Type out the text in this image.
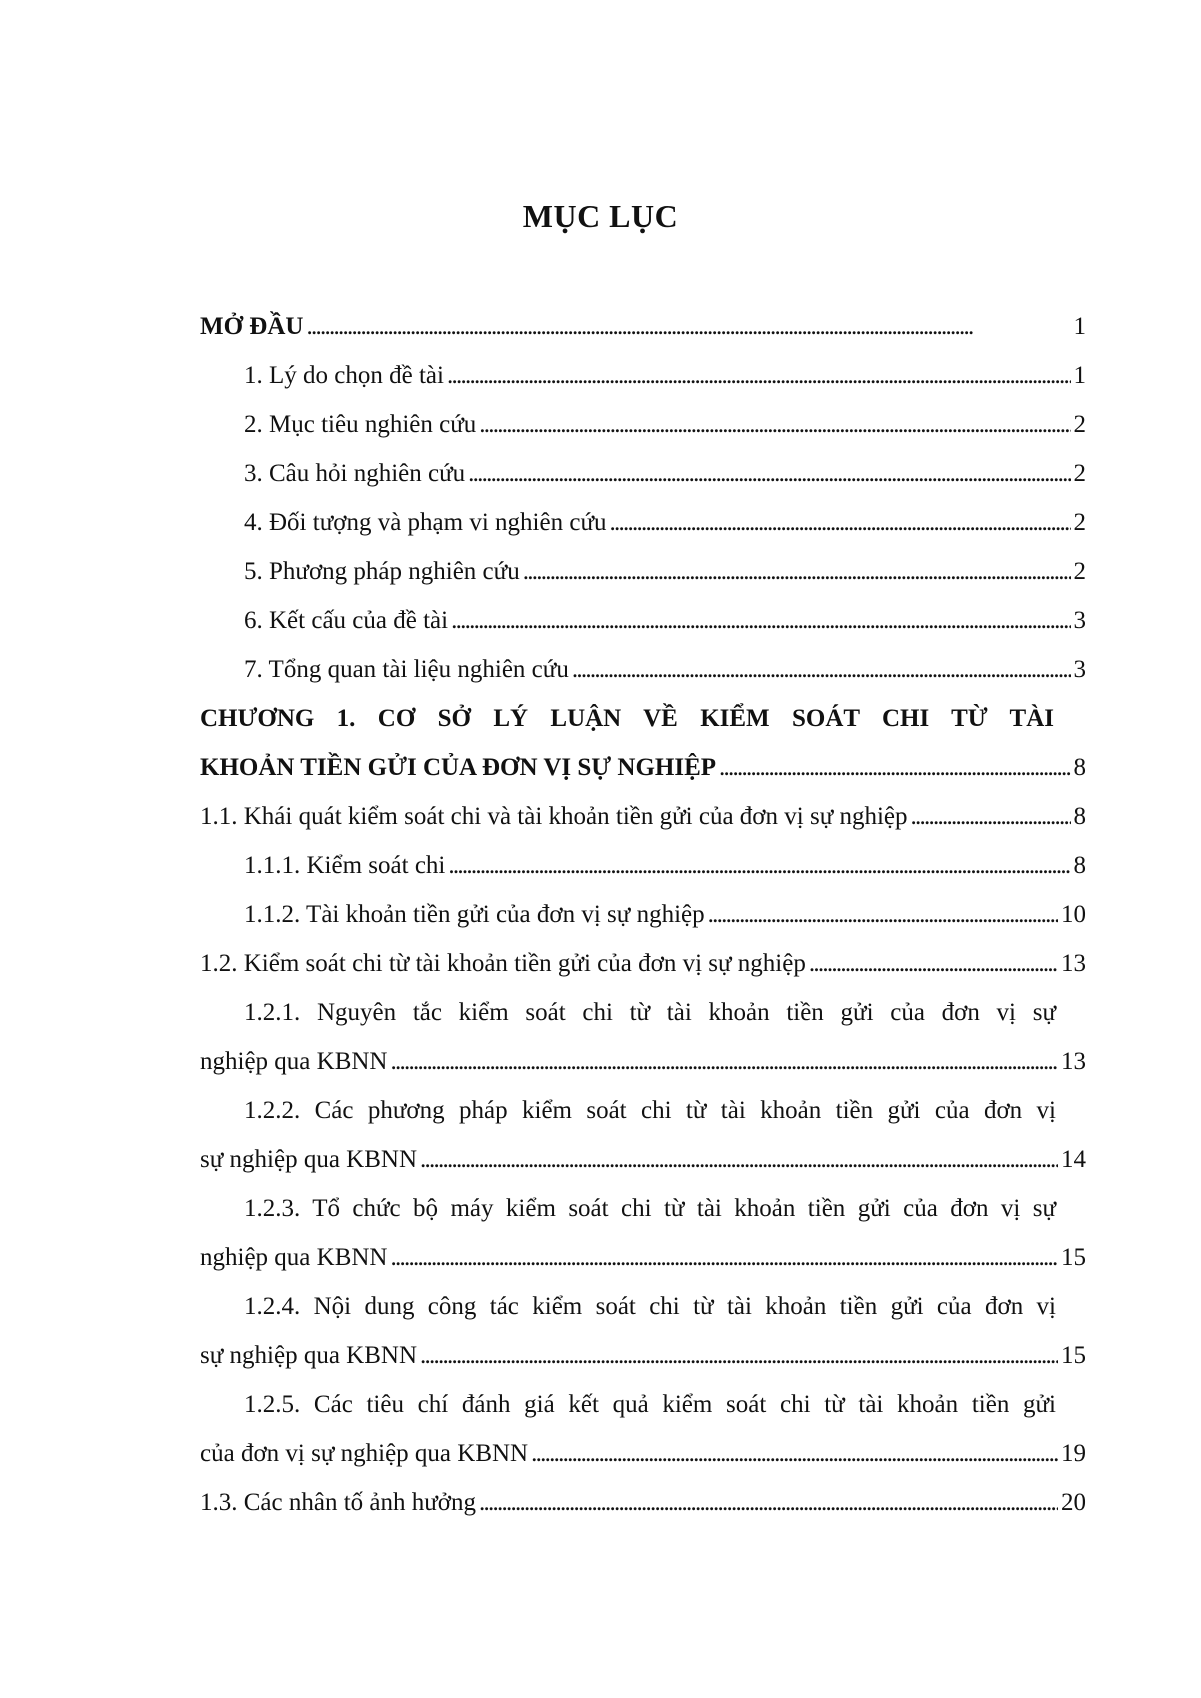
MỤC LỤC
MỞ ĐẦU . . .	1
1. Lý do chọn đề tài . . .	1
2. Mục tiêu nghiên cứu . . .	2
3. Câu hỏi nghiên cứu . . .	2
4. Đối tượng và phạm vi nghiên cứu . . .	2
5. Phương pháp nghiên cứu . . .	2
6. Kết cấu của đề tài . . .	3
7. Tổng quan tài liệu nghiên cứu . . .	3
CHƯƠNG 1. CƠ SỞ LÝ LUẬN VỀ KIỂM SOÁT CHI TỪ TÀI
KHOẢN TIỀN GỬI CỦA ĐƠN VỊ SỰ NGHIỆP . . .	8
1.1. Khái quát kiểm soát chi và tài khoản tiền gửi của đơn vị sự nghiệp . . .	8
1.1.1. Kiểm soát chi . . .	8
1.1.2. Tài khoản tiền gửi của đơn vị sự nghiệp . . .	10
1.2. Kiểm soát chi từ tài khoản tiền gửi của đơn vị sự nghiệp . . .	13
1.2.1. Nguyên tắc kiểm soát chi từ tài khoản tiền gửi của đơn vị sự
nghiệp qua KBNN . . .	13
1.2.2. Các phương pháp kiểm soát chi từ tài khoản tiền gửi của đơn vị
sự nghiệp qua KBNN . . .	14
1.2.3. Tổ chức bộ máy kiểm soát chi từ tài khoản tiền gửi của đơn vị sự
nghiệp qua KBNN . . .	15
1.2.4. Nội dung công tác kiểm soát chi từ tài khoản tiền gửi của đơn vị
sự nghiệp qua KBNN . . .	15
1.2.5. Các tiêu chí đánh giá kết quả kiểm soát chi từ tài khoản tiền gửi
của đơn vị sự nghiệp qua KBNN . . .	19
1.3. Các nhân tố ảnh hưởng . . .	20
